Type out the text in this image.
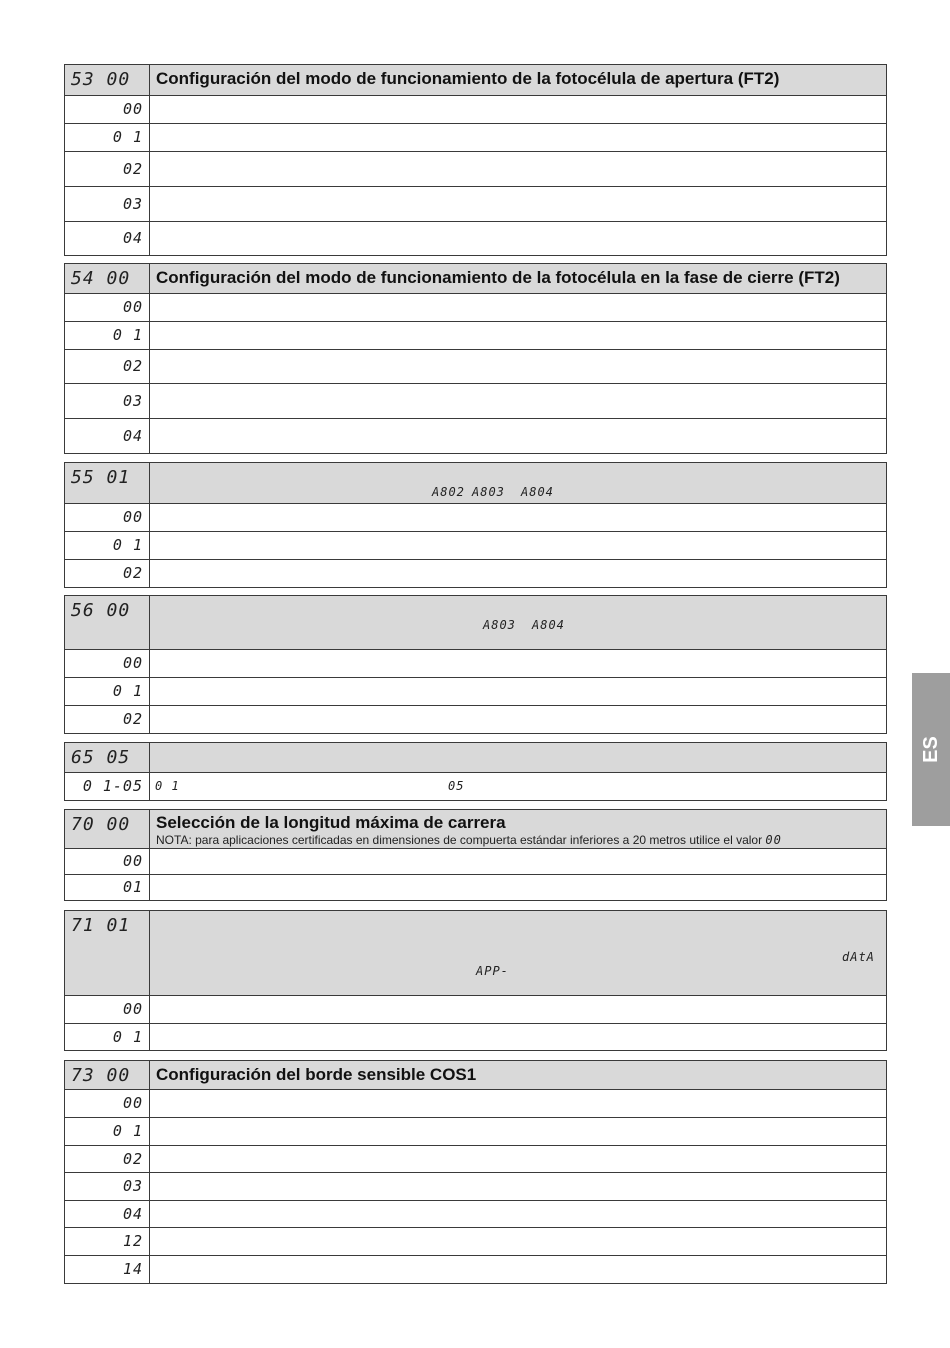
53 00	Configuración del modo de funcionamiento de la fotocélula de apertura (FT2)

00	
0 1	
02	
03	
04	
54 00	Configuración del modo de funcionamiento de la fotocélula en la fase de cierre (FT2)

00	
0 1	
02	
03	
04	
55 01	A802 A803 A804

00	
0 1	
02	
56 00	A803 A804

00	
0 1	
02	
65 05	
0 1-05	0 1 05
70 00	Selección de la longitud máxima de carrera
NOTA: para aplicaciones certificadas en dimensiones de compuerta estándar inferiores a 20 metros utilice el valor 00

00	
01	
71 01	dAtA
APP-

00	
0 1	
73 00	Configuración del borde sensible COS1

00	
0 1	
02	
03	
04	
12	
14	
ES
